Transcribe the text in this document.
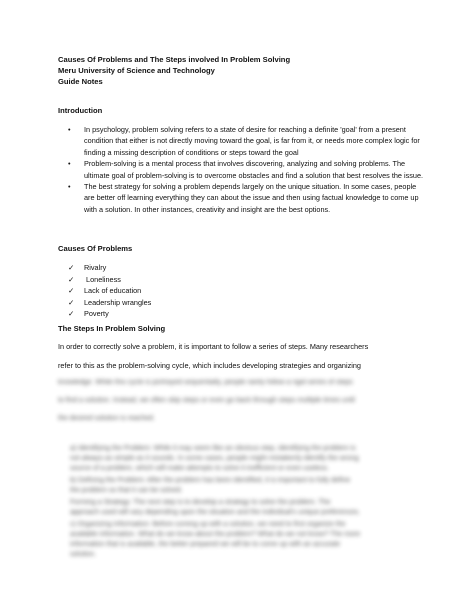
Causes Of Problems and The Steps involved In Problem Solving
Meru University of Science and Technology
Guide Notes
Introduction
• In psychology, problem solving refers to a state of desire for reaching a definite 'goal' from a present condition that either is not directly moving toward the goal, is far from it, or needs more complex logic for finding a missing description of conditions or steps toward the goal
• Problem-solving is a mental process that involves discovering, analyzing and solving problems. The ultimate goal of problem-solving is to overcome obstacles and find a solution that best resolves the issue.
• The best strategy for solving a problem depends largely on the unique situation. In some cases, people are better off learning everything they can about the issue and then using factual knowledge to come up with a solution. In other instances, creativity and insight are the best options.
Causes Of Problems
✓ Rivalry
✓ Loneliness
✓ Lack of education
✓ Leadership wrangles
✓ Poverty
The Steps In Problem Solving
In order to correctly solve a problem, it is important to follow a series of steps. Many researchers
refer to this as the problem-solving cycle, which includes developing strategies and organizing
knowledge. While this cycle is portrayed sequentially, people rarely follow a rigid series of steps
to find a solution. Instead, we often skip steps or even go back through steps multiple times until
the desired solution is reached.
a) Identifying the Problem: While it may seem like an obvious step, identifying the problem is
not always as simple as it sounds. In some cases, people might mistakenly identify the wrong
source of a problem, which will make attempts to solve it inefficient or even useless.
b) Defining the Problem: After the problem has been identified, it is important to fully define
the problem so that it can be solved.
Forming a Strategy: The next step is to develop a strategy to solve the problem. The
approach used will vary depending upon the situation and the individual's unique preferences.
c) Organizing Information: Before coming up with a solution, we need to first organize the
available information. What do we know about the problem? What do we not know? The more
information that is available, the better prepared we will be to come up with an accurate
solution.
